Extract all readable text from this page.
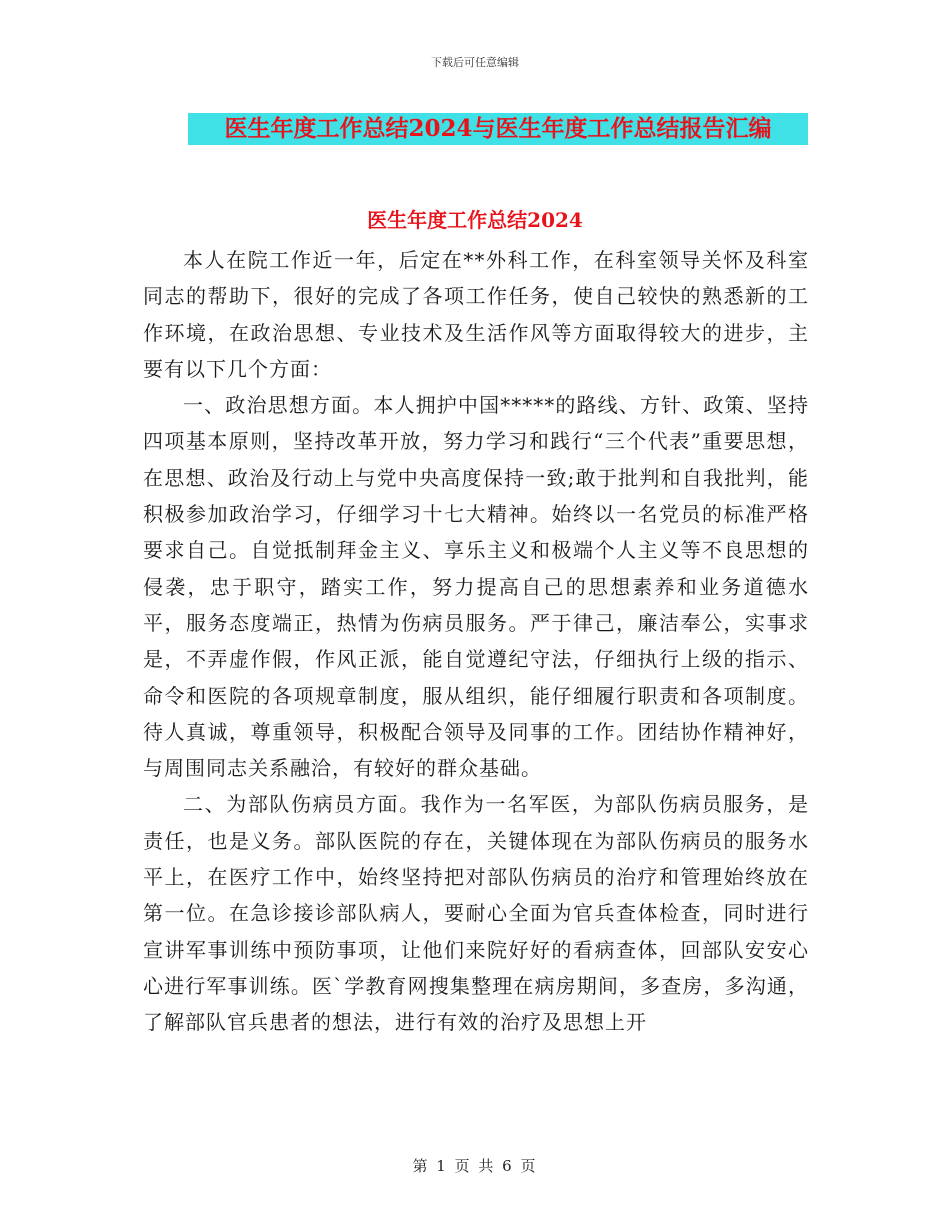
下载后可任意编辑
医生年度工作总结2024与医生年度工作总结报告汇编
医生年度工作总结2024

本人在院工作近一年，后定在**外科工作，在科室领导关怀及科室同志的帮助下，很好的完成了各项工作任务，使自己较快的熟悉新的工作环境，在政治思想、专业技术及生活作风等方面取得较大的进步，主要有以下几个方面：

一、政治思想方面。本人拥护中国*****的路线、方针、政策、坚持四项基本原则，坚持改革开放，努力学习和践行“三个代表”重要思想，在思想、政治及行动上与党中央高度保持一致;敢于批判和自我批判，能积极参加政治学习，仔细学习十七大精神。始终以一名党员的标准严格要求自己。自觉抵制拜金主义、享乐主义和极端个人主义等不良思想的侵袭，忠于职守，踏实工作，努力提高自己的思想素养和业务道德水平，服务态度端正，热情为伤病员服务。严于律己，廉洁奉公，实事求是，不弄虚作假，作风正派，能自觉遵纪守法，仔细执行上级的指示、命令和医院的各项规章制度，服从组织，能仔细履行职责和各项制度。待人真诚，尊重领导，积极配合领导及同事的工作。团结协作精神好，与周围同志关系融洽，有较好的群众基础。

二、为部队伤病员方面。我作为一名军医，为部队伤病员服务，是责任，也是义务。部队医院的存在，关键体现在为部队伤病员的服务水平上，在医疗工作中，始终坚持把对部队伤病员的治疗和管理始终放在第一位。在急诊接诊部队病人，要耐心全面为官兵查体检查，同时进行宣讲军事训练中预防事项，让他们来院好好的看病查体，回部队安安心心进行军事训练。医`学教育网搜集整理在病房期间，多查房，多沟通，了解部队官兵患者的想法，进行有效的治疗及思想上开

第 1 页 共 6 页
